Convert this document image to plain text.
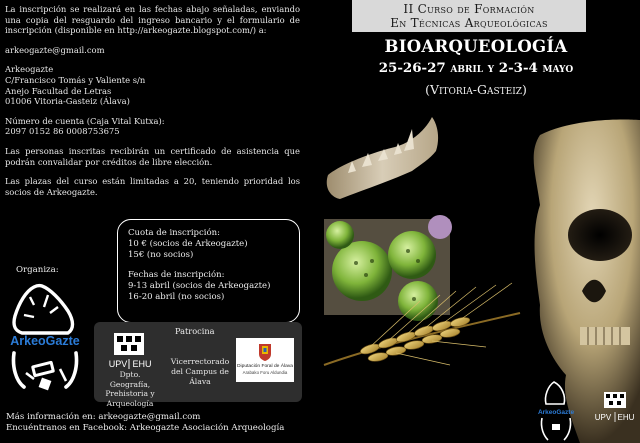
La inscripción se realizará en las fechas abajo señaladas, enviando una copia del resguardo del ingreso bancario y el formulario de inscripción (disponible en http://arkeogazte.blogspot.com/) a:

arkeogazte@gmail.com

Arkeogazte
C/Francisco Tomás y Valiente s/n
Anejo Facultad de Letras
01006 Vitoria-Gasteiz (Álava)

Número de cuenta (Caja Vital Kutxa):
2097 0152 86 0008753675

Las personas inscritas recibirán un certificado de asistencia que podrán convalidar por créditos de libre elección.

Las plazas del curso están limitadas a 20, teniendo prioridad los socios de Arkeogazte.

Cuota de inscripción:
10 € (socios de Arkeogazte)
15€ (no socios)
Fechas de inscripción:
9-13 abril (socios de Arkeogazte)
16-20 abril (no socios)
Organiza:
ArkeoGazte
Patrocina
UPV EHU
Dpto. Geografía, Prehistoria y Arqueología
Vicerrectorado del Campus de Álava
Diputación Foral de Álava
Arabako Foru Aldundia
Más información en: arkeogazte@gmail.com
Encuéntranos en Facebook: Arkeogazte Asociación Arqueología
II Curso de Formación
En Técnicas Arqueológicas
BIOARQUEOLOGÍA
25-26-27 abril y 2-3-4 mayo
(Vitoria-Gasteiz)
ArkeoGazte
UPV EHU
